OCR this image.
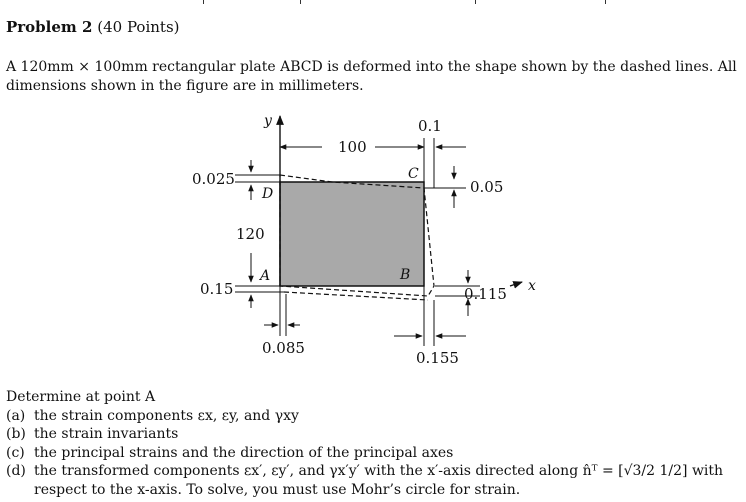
Problem 2 (40 Points)
A 120mm × 100mm rectangular plate ABCD is deformed into the shape shown by the dashed lines. All dimensions shown in the figure are in millimeters.
y
x
A	B
C
D
100
0.1
0.025
120
0.15
0.085
0.05
0.115
0.155
Determine at point A
(a) the strain components εx, εy, and γxy
(b) the strain invariants
(c) the principal strains and the direction of the principal axes
(d) the transformed components εx′, εy′, and γx′y′ with the x′-axis directed along n̂ᵀ = [√3/2 1/2] with respect to the x-axis. To solve, you must use Mohr’s circle for strain.
